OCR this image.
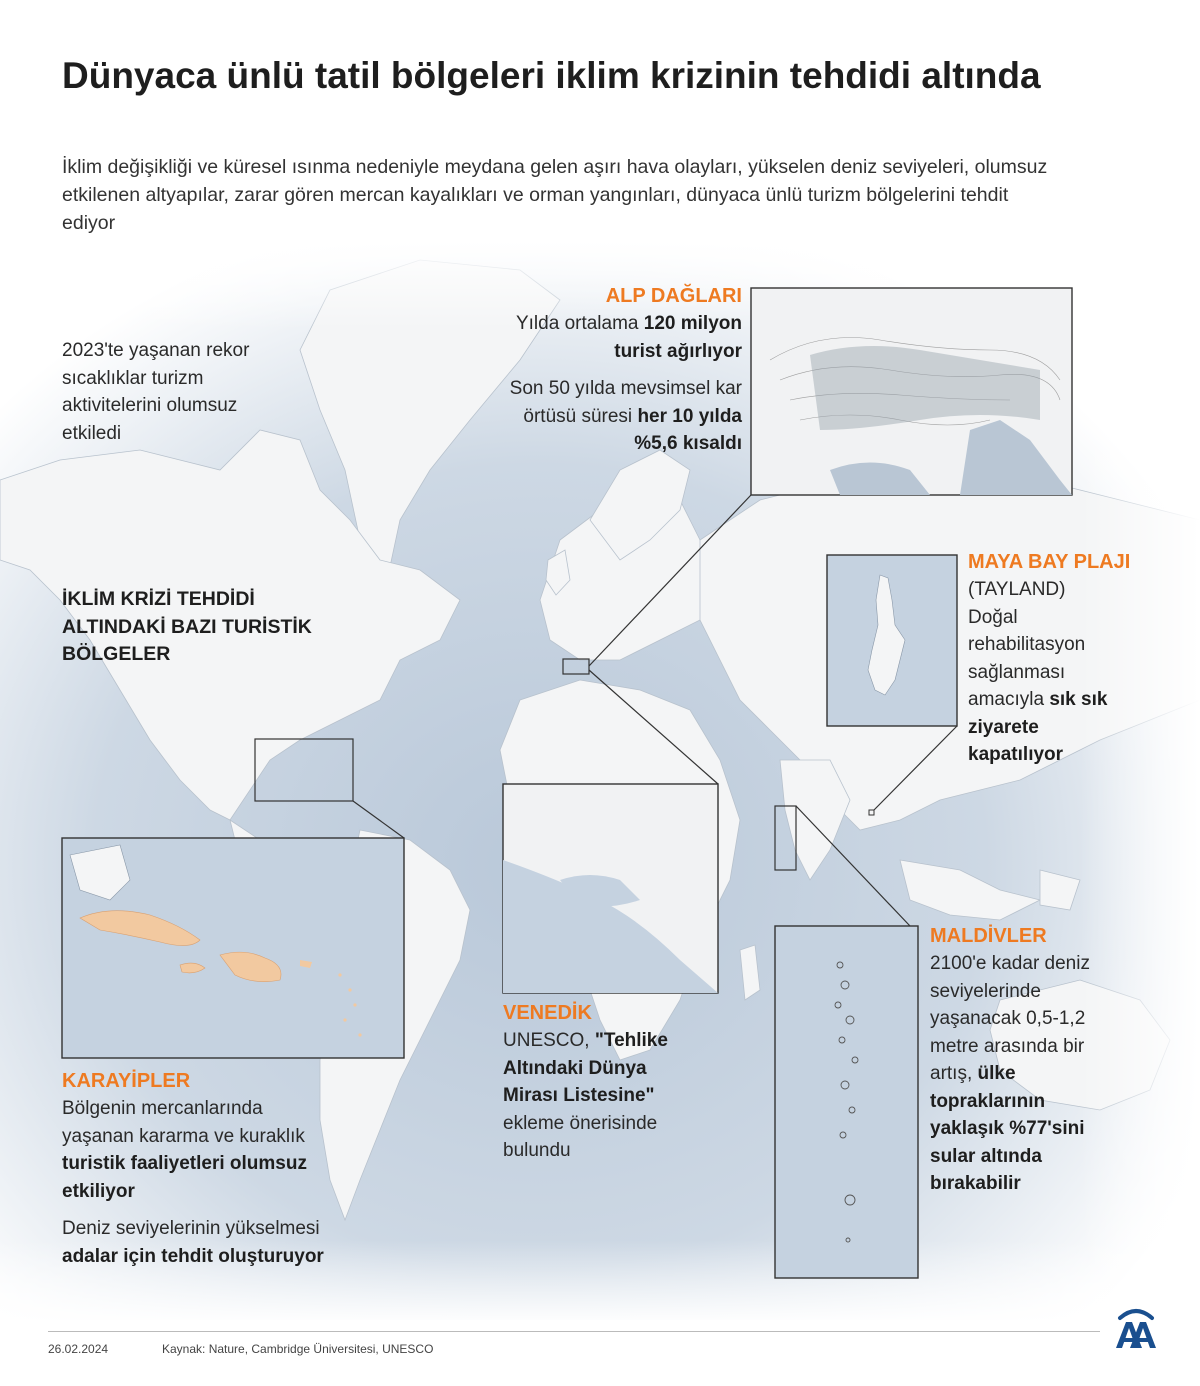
Dünyaca ünlü tatil bölgeleri iklim krizinin tehdidi altında
İklim değişikliği ve küresel ısınma nedeniyle meydana gelen aşırı hava olayları, yükselen deniz seviyeleri, olumsuz etkilenen altyapılar, zarar gören mercan kayalıkları ve orman yangınları, dünyaca ünlü turizm bölgelerini tehdit ediyor
2023'te yaşanan rekor
sıcaklıklar turizm
aktivitelerini olumsuz
etkiledi
İKLİM KRİZİ TEHDİDİ
ALTINDAKİ BAZI TURİSTİK
BÖLGELER
ALP DAĞLARI

Yılda ortalama 120 milyon
turist ağırlıyor

Son 50 yılda mevsimsel kar
örtüsü süresi her 10 yılda
%5,6 kısaldı

MAYA BAY PLAJI
(TAYLAND)
Doğal
rehabilitasyon
sağlanması
amacıyla sık sık
ziyarete
kapatılıyor
KARAYİPLER

Bölgenin mercanlarında
yaşanan kararma ve kuraklık
turistik faaliyetleri olumsuz
etkiliyor

Deniz seviyelerinin yükselmesi
adalar için tehdit oluşturuyor

VENEDİK
UNESCO, "Tehlike
Altındaki Dünya
Mirası Listesine"
ekleme önerisinde
bulundu
MALDİVLER
2100'e kadar deniz
seviyelerinde
yaşanacak 0,5-1,2
metre arasında bir
artış, ülke
topraklarının
yaklaşık %77'sini
sular altında
bırakabilir
26.02.2024	Kaynak: Nature, Cambridge Üniversitesi, UNESCO
